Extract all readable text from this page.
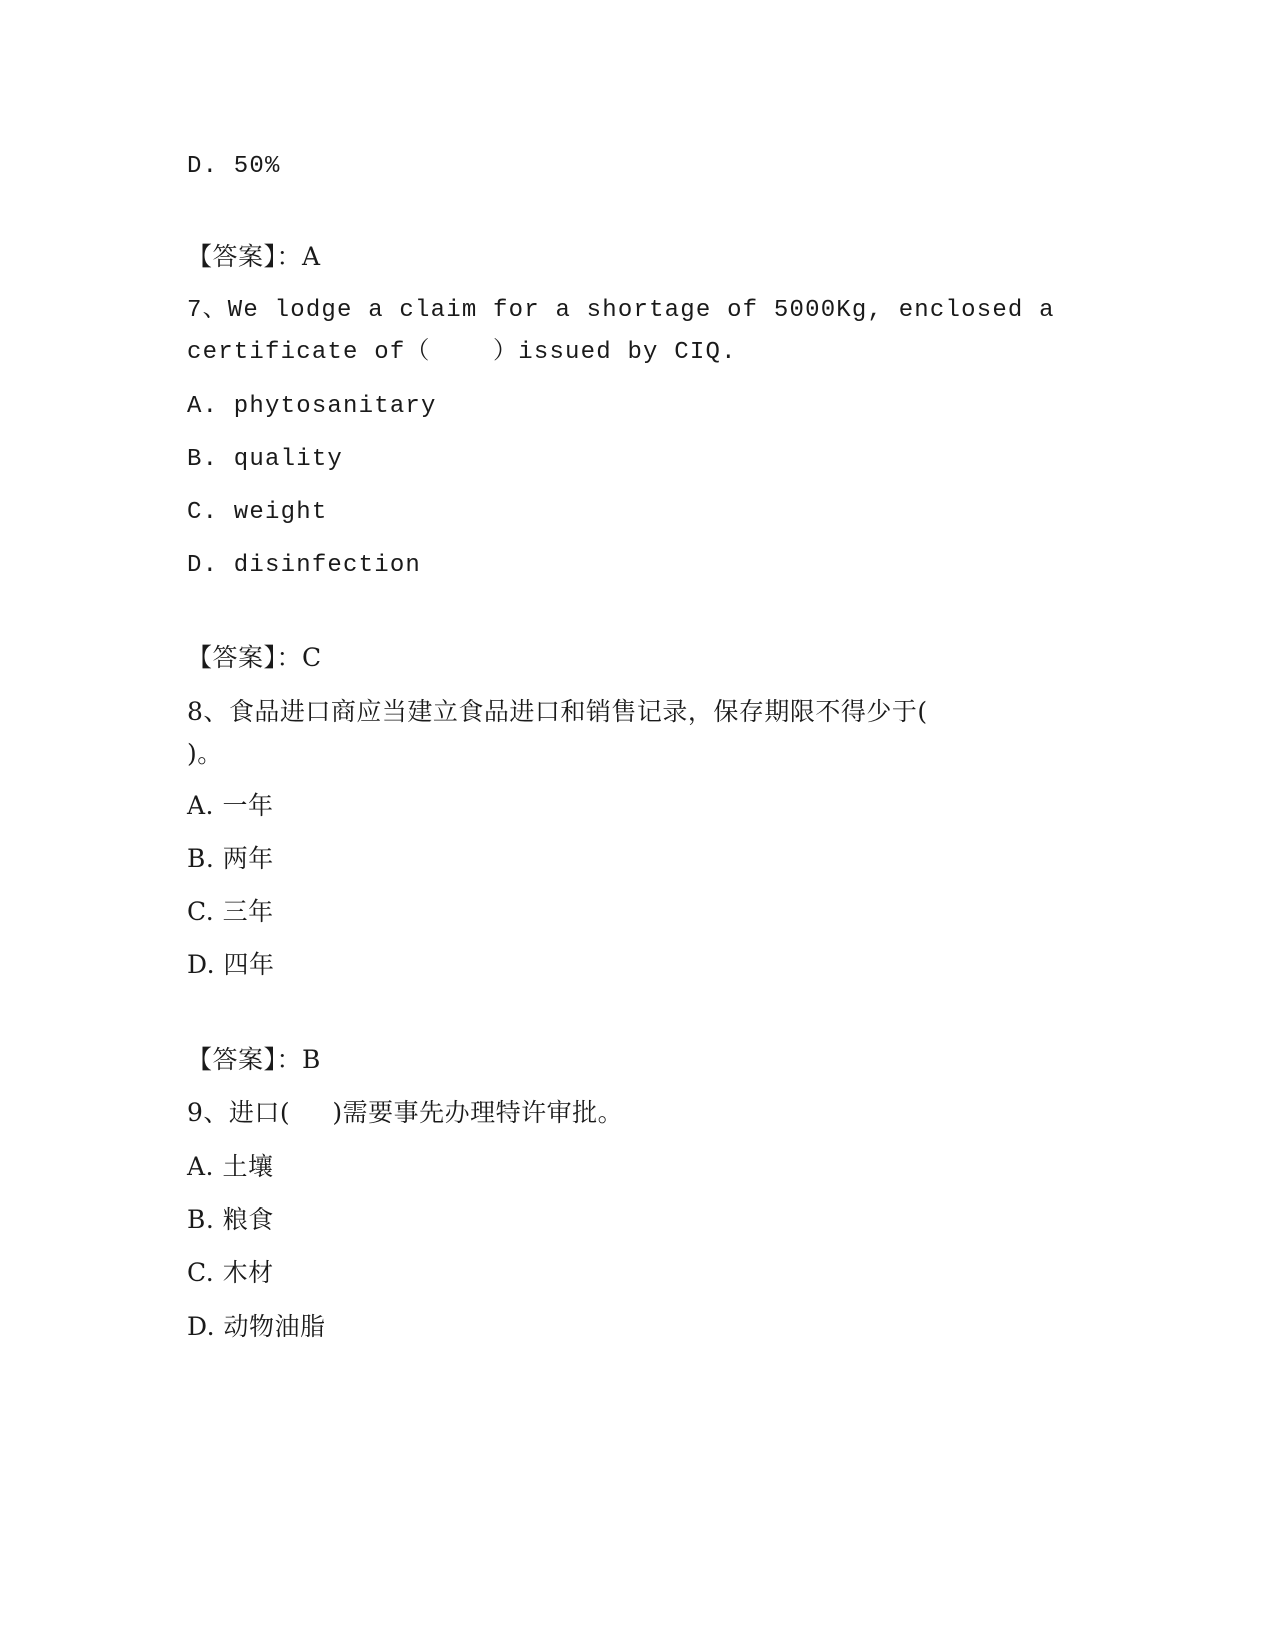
D. 50%
【答案】：A
7、We lodge a claim for a shortage of 5000Kg, enclosed a
certificate of（    ）issued by CIQ.
A. phytosanitary
B. quality
C. weight
D. disinfection
【答案】：C
8、食品进口商应当建立食品进口和销售记录，保存期限不得少于(
)。
A. 一年
B. 两年
C. 三年
D. 四年
【答案】：B
9、进口(     )需要事先办理特许审批。
A. 土壤
B. 粮食
C. 木材
D. 动物油脂
